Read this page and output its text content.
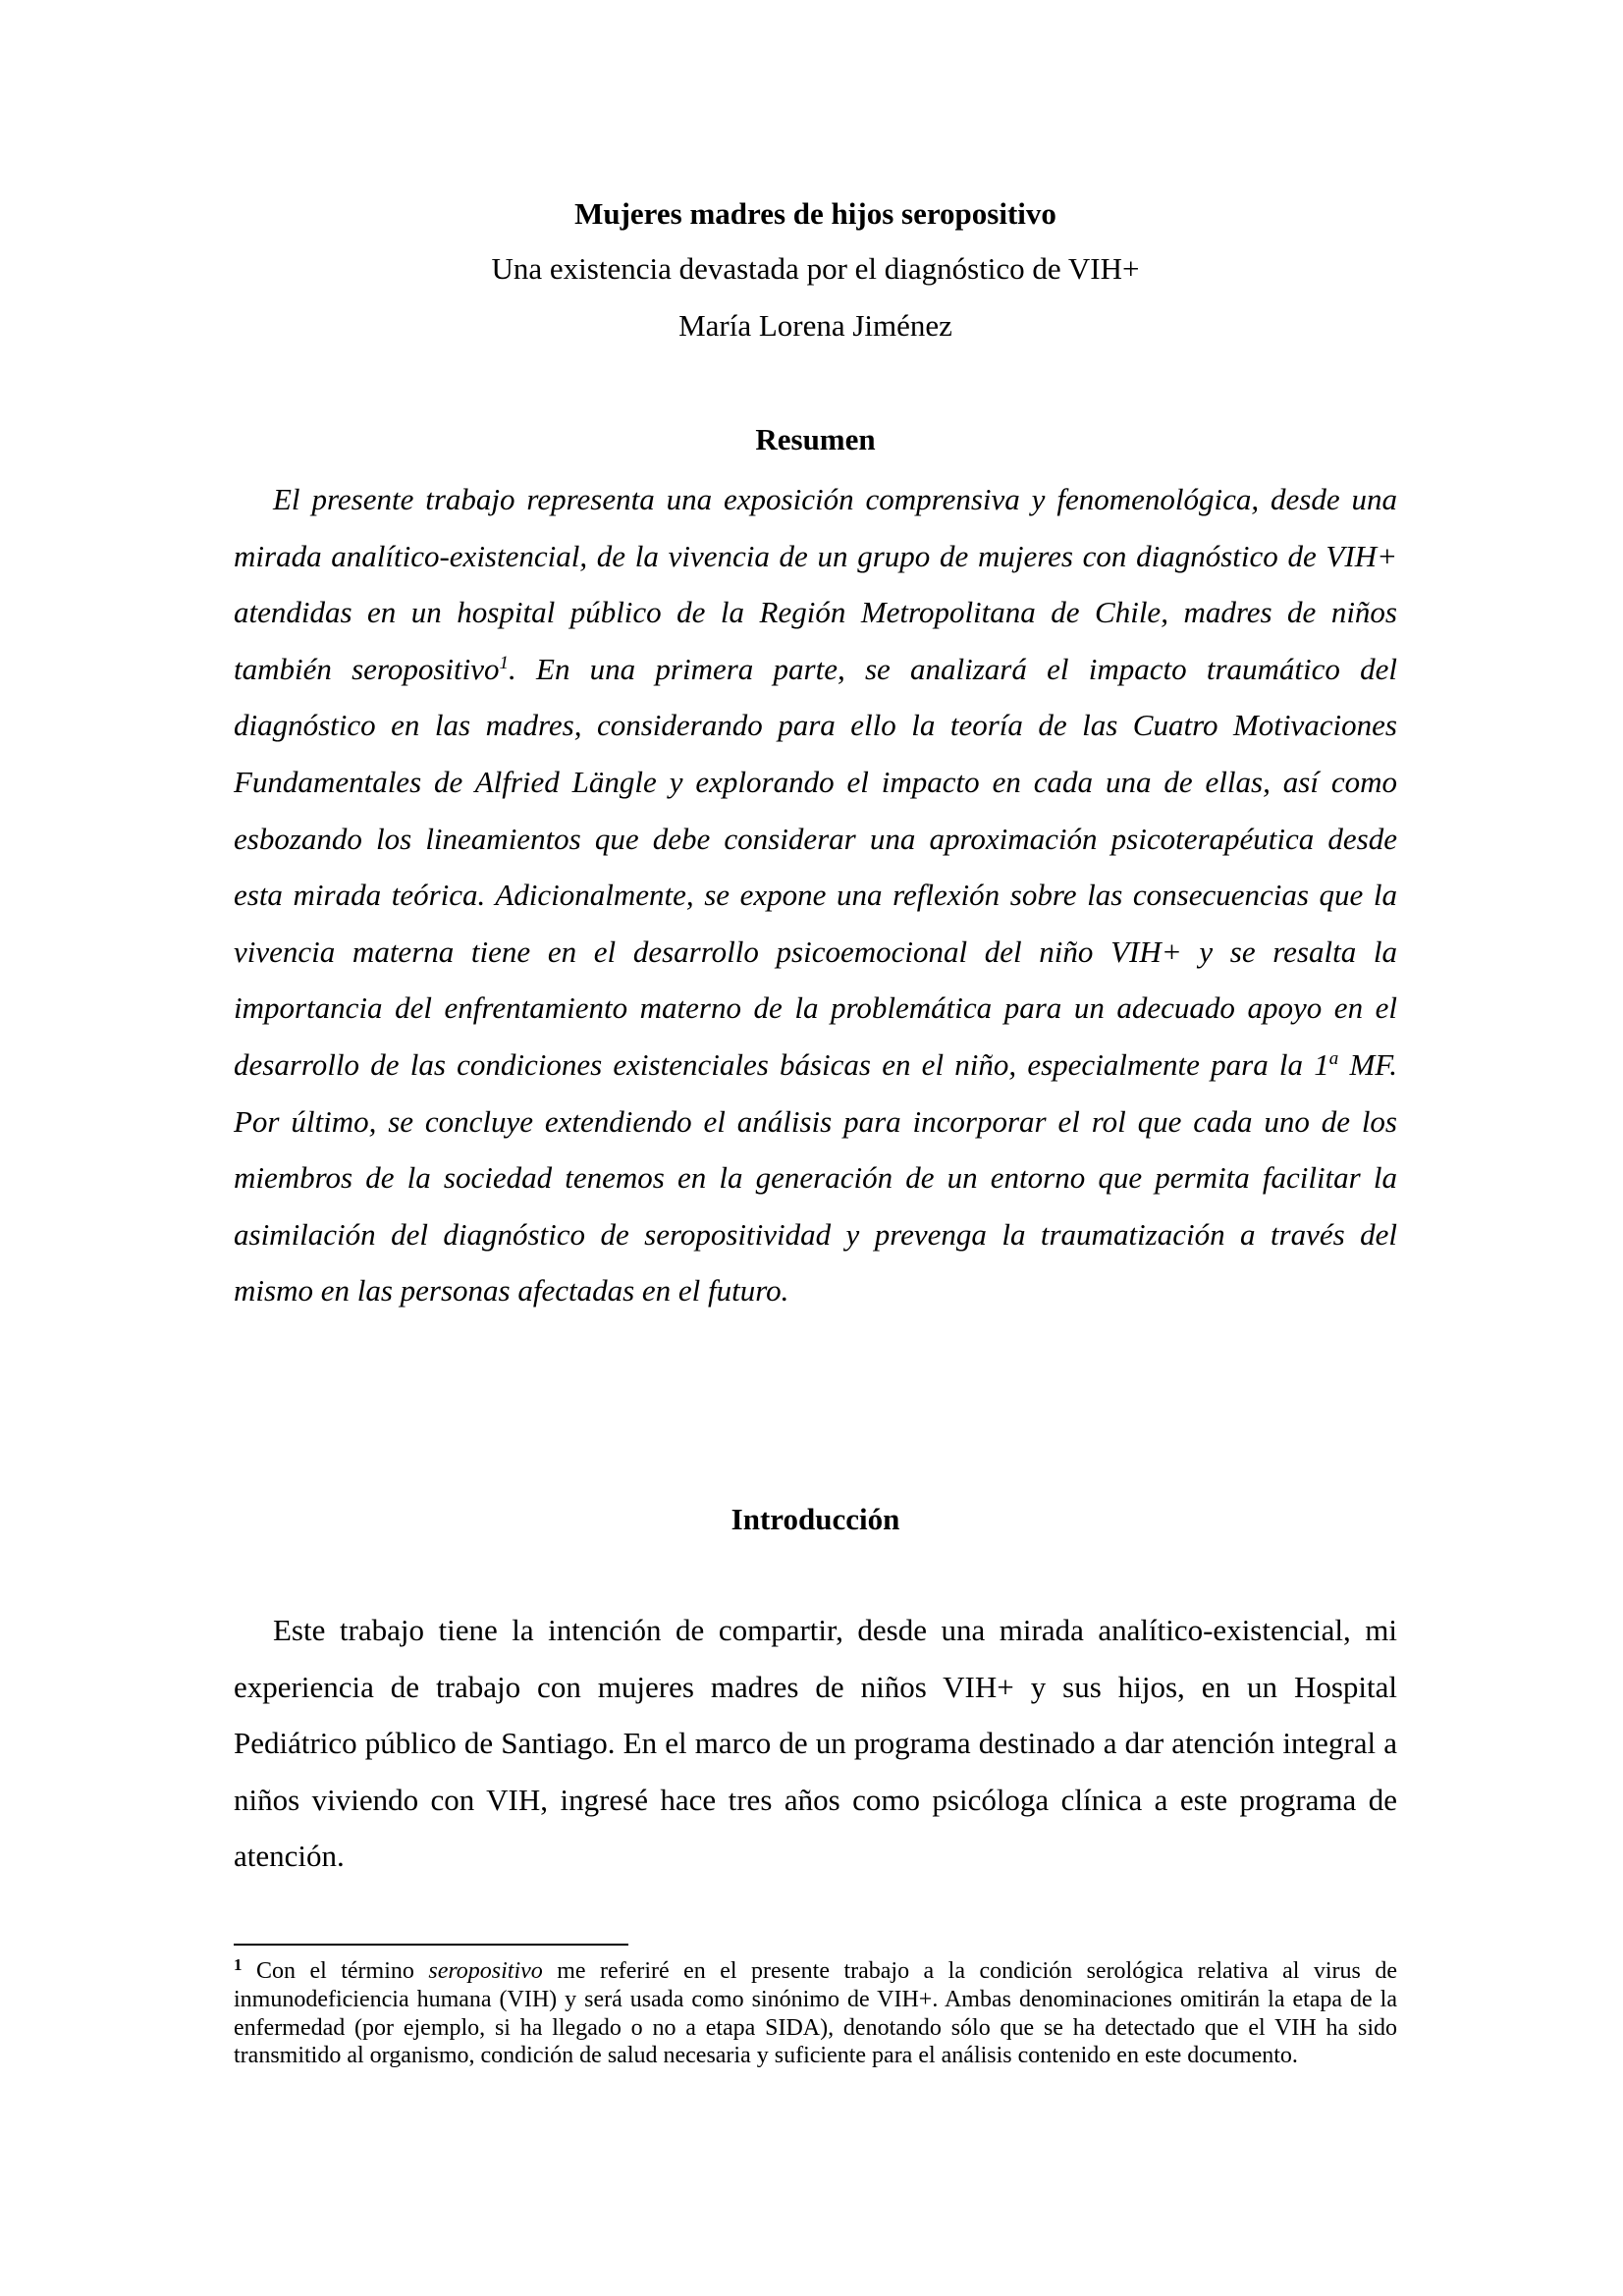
Mujeres madres de hijos seropositivo
Una existencia devastada por el diagnóstico de VIH+
María Lorena Jiménez
Resumen

El presente trabajo representa una exposición comprensiva y fenomenológica, desde una mirada analítico-existencial, de la vivencia de un grupo de mujeres con diagnóstico de VIH+ atendidas en un hospital público de la Región Metropolitana de Chile, madres de niños también seropositivo$^1$. En una primera parte, se analizará el impacto traumático del diagnóstico en las madres, considerando para ello la teoría de las Cuatro Motivaciones Fundamentales de Alfried Längle y explorando el impacto en cada una de ellas, así como esbozando los lineamientos que debe considerar una aproximación psicoterapéutica desde esta mirada teórica. Adicionalmente, se expone una reflexión sobre las consecuencias que la vivencia materna tiene en el desarrollo psicoemocional del niño VIH+ y se resalta la importancia del enfrentamiento materno de la problemática para un adecuado apoyo en el desarrollo de las condiciones existenciales básicas en el niño, especialmente para la 1$^a$ MF. Por último, se concluye extendiendo el análisis para incorporar el rol que cada uno de los miembros de la sociedad tenemos en la generación de un entorno que permita facilitar la asimilación del diagnóstico de seropositividad y prevenga la traumatización a través del mismo en las personas afectadas en el futuro.

Introducción

Este trabajo tiene la intención de compartir, desde una mirada analítico-existencial, mi experiencia de trabajo con mujeres madres de niños VIH+ y sus hijos, en un Hospital Pediátrico público de Santiago. En el marco de un programa destinado a dar atención integral a niños viviendo con VIH, ingresé hace tres años como psicóloga clínica a este programa de atención.

$^1$ Con el término seropositivo me referiré en el presente trabajo a la condición serológica relativa al virus de inmunodeficiencia humana (VIH) y será usada como sinónimo de VIH+. Ambas denominaciones omitirán la etapa de la enfermedad (por ejemplo, si ha llegado o no a etapa SIDA), denotando sólo que se ha detectado que el VIH ha sido transmitido al organismo, condición de salud necesaria y suficiente para el análisis contenido en este documento.
